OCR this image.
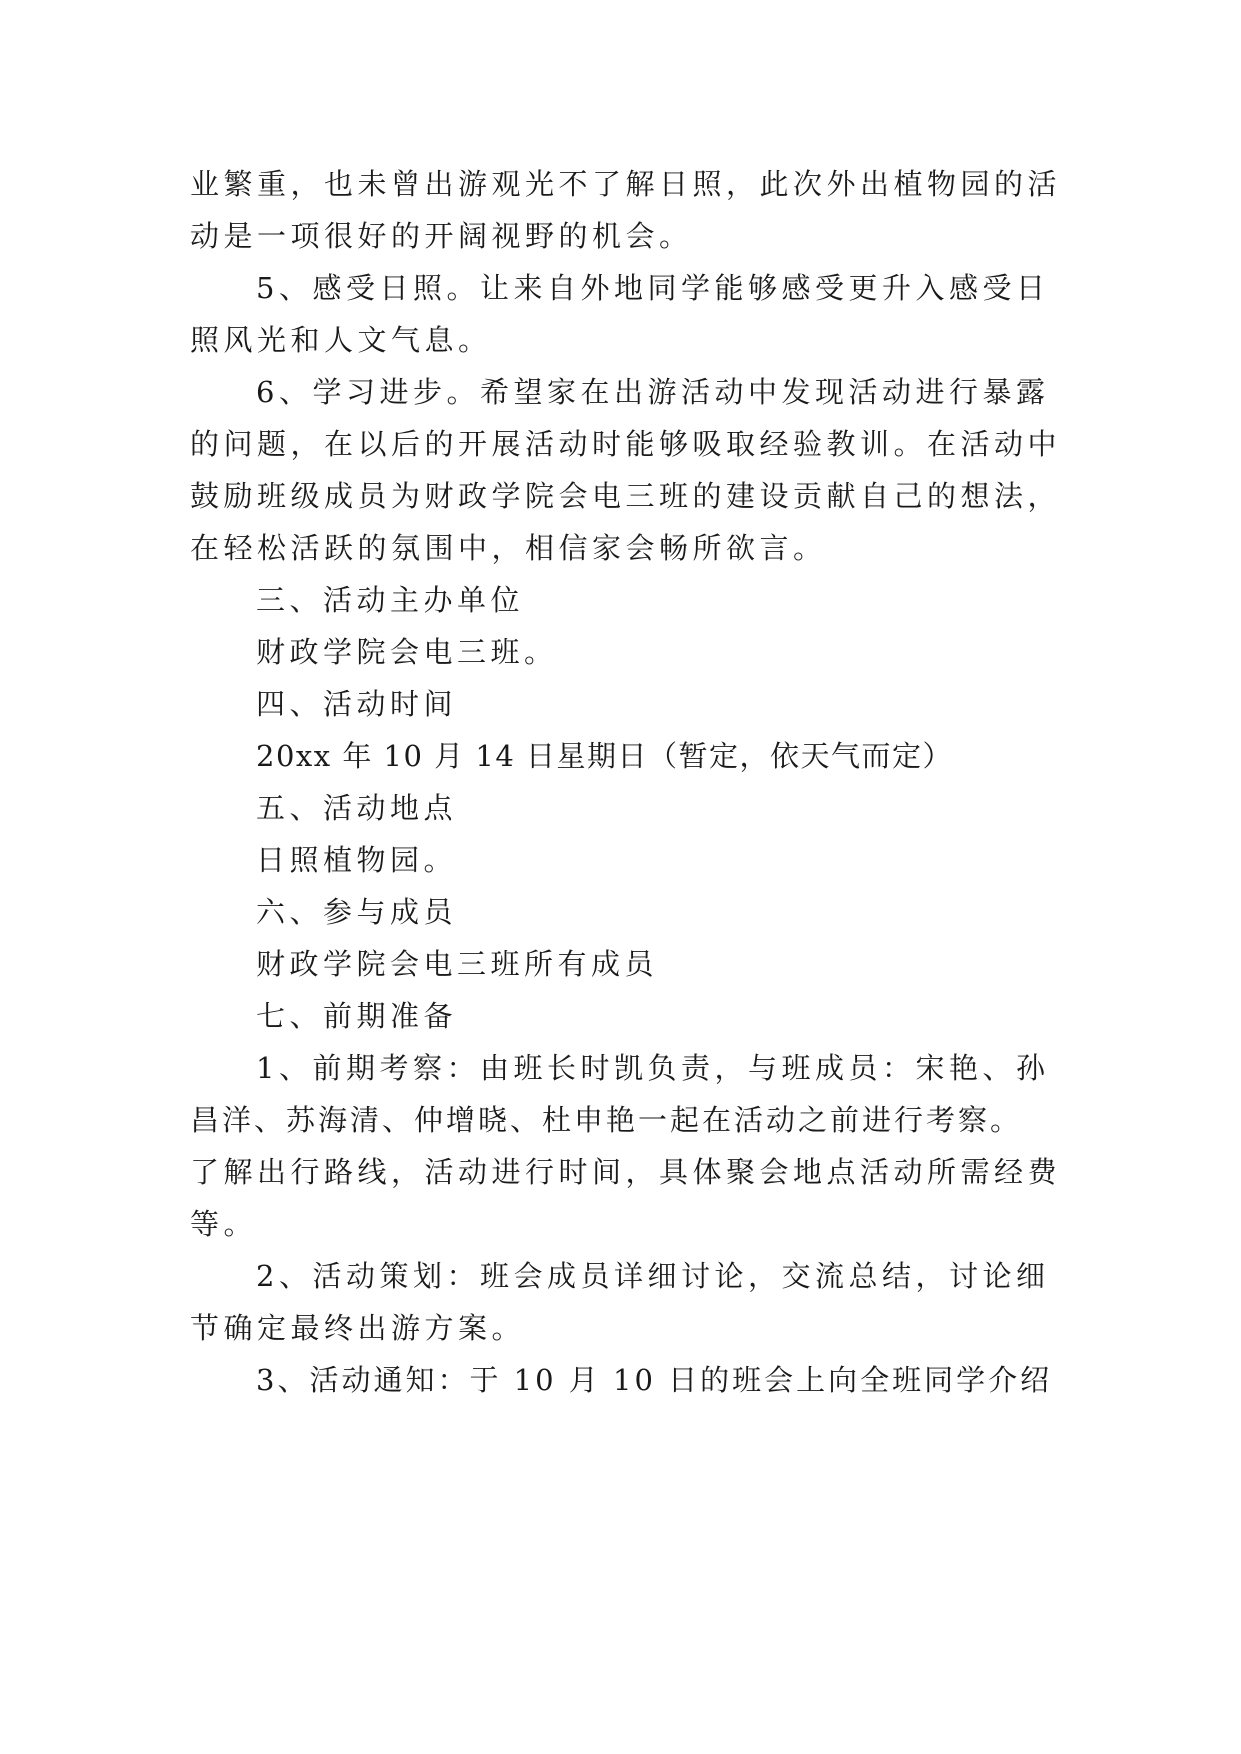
业繁重，也未曾出游观光不了解日照，此次外出植物园的活
动是一项很好的开阔视野的机会。
5、感受日照。让来自外地同学能够感受更升入感受日
照风光和人文气息。
6、学习进步。希望家在出游活动中发现活动进行暴露
的问题，在以后的开展活动时能够吸取经验教训。在活动中
鼓励班级成员为财政学院会电三班的建设贡献自己的想法，
在轻松活跃的氛围中，相信家会畅所欲言。
三、活动主办单位
财政学院会电三班。
四、活动时间
20xx 年 10 月 14 日星期日（暂定，依天气而定）
五、活动地点
日照植物园。
六、参与成员
财政学院会电三班所有成员
七、前期准备
1、前期考察：由班长时凯负责，与班成员：宋艳、孙
昌洋、苏海清、仲增晓、杜申艳一起在活动之前进行考察。
了解出行路线，活动进行时间，具体聚会地点活动所需经费
等。
2、活动策划：班会成员详细讨论，交流总结，讨论细
节确定最终出游方案。
3、活动通知：于 10 月 10 日的班会上向全班同学介绍
